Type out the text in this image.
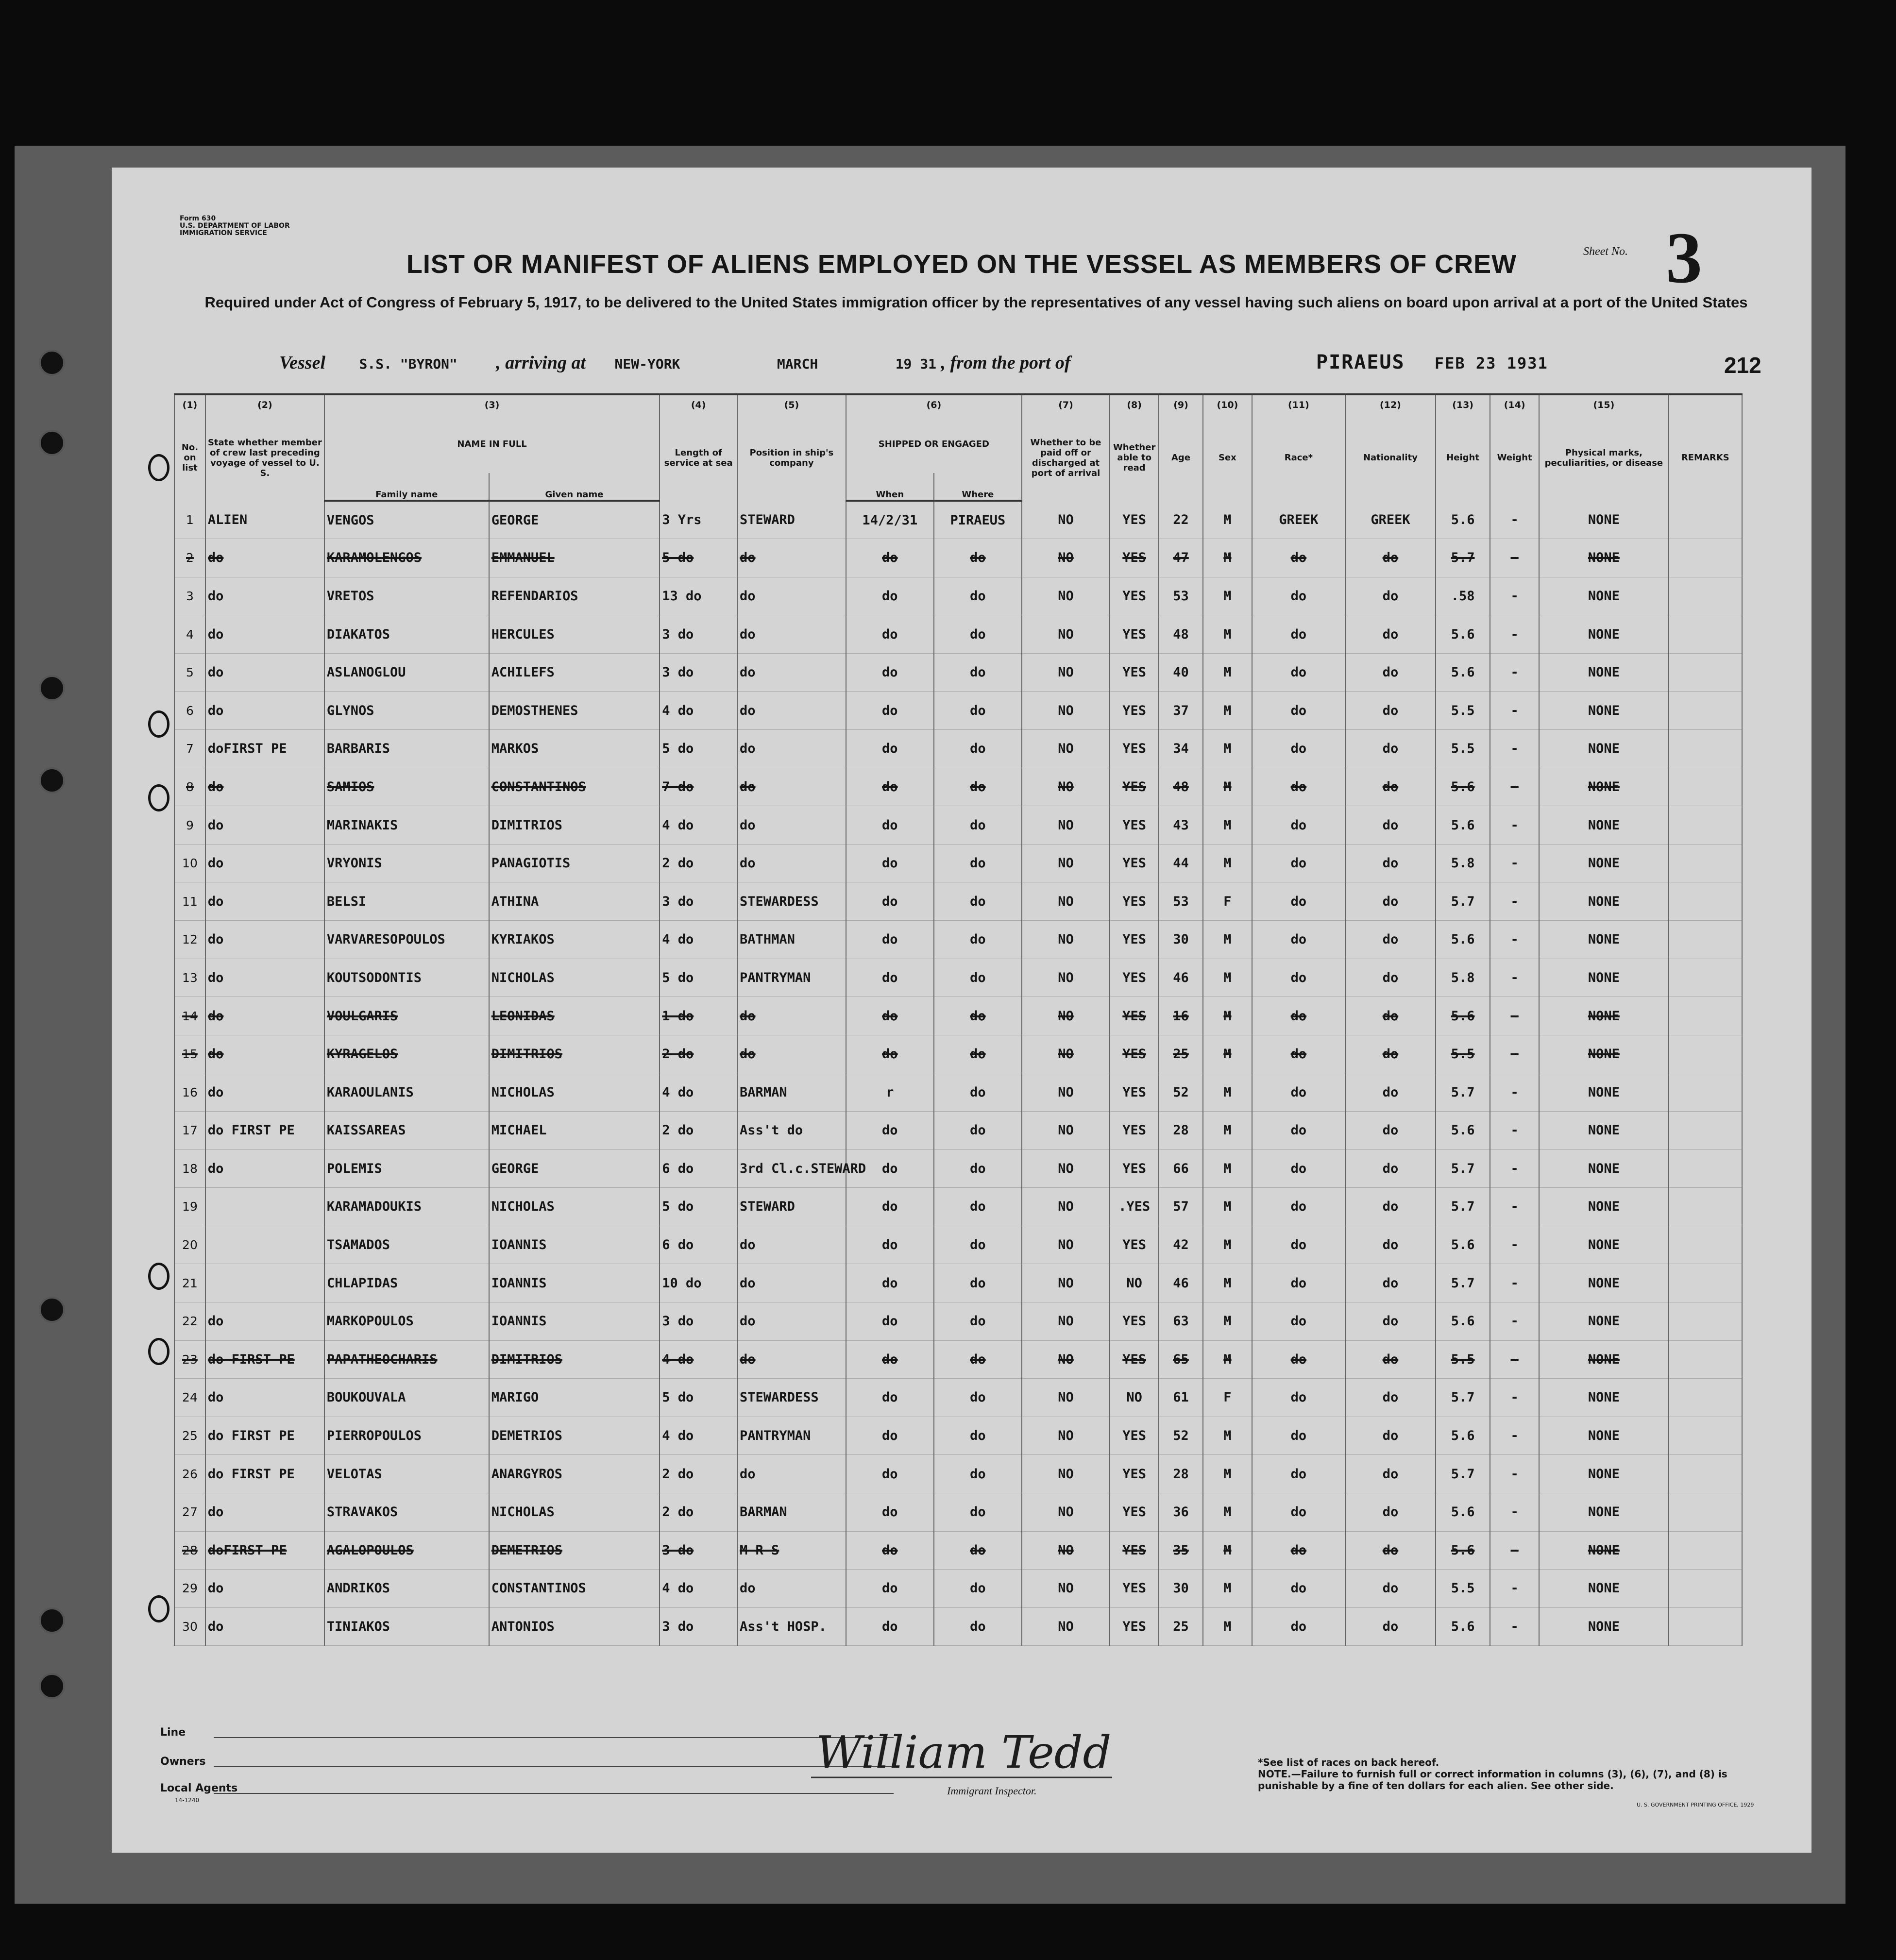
Form 630
U.S. DEPARTMENT OF LABOR
IMMIGRATION SERVICE
LIST OR MANIFEST OF ALIENS EMPLOYED ON THE VESSEL AS MEMBERS OF CREW	Sheet No. 3
Required under Act of Congress of February 5, 1917, to be delivered to the United States immigration officer by the representatives of any vessel having such aliens on board upon arrival at a port of the United States
Vessel S.S. "BYRON" , arriving at NEW-YORK	MARCH	19 31 , from the port of	PIRAEUS FEB 23 1931	212
(1)	(2)	(3)		(4)	(5)	(6)		(7)	(8)	(9)	(10)	(11)	(12)	(13)	(14)	(15)	
No. on list	State whether member of crew last preceding voyage of vessel to U. S.	NAME IN FULL		Length of service at sea	Position in ship's company	SHIPPED OR ENGAGED		Whether to be paid off or discharged at port of arrival	Whether able to read	Age	Sex	Race*	Nationality	Height	Weight	Physical marks, peculiarities, or disease	REMARKS
		Family name	Given name			When	Where										
1	ALIEN	VENGOS	GEORGE	3 Yrs	STEWARD	14/2/31	PIRAEUS	NO	YES	22	M	GREEK	GREEK	5.6	-	NONE	
2	do	KARAMOLENGOS	EMMANUEL	5 do	do	do	do	NO	YES	47	M	do	do	5.7	-	NONE	
3	do	VRETOS	REFENDARIOS	13 do	do	do	do	NO	YES	53	M	do	do	.58	-	NONE	
4	do	DIAKATOS	HERCULES	3 do	do	do	do	NO	YES	48	M	do	do	5.6	-	NONE	
5	do	ASLANOGLOU	ACHILEFS	3 do	do	do	do	NO	YES	40	M	do	do	5.6	-	NONE	
6	do	GLYNOS	DEMOSTHENES	4 do	do	do	do	NO	YES	37	M	do	do	5.5	-	NONE	
7	doFIRST PE	BARBARIS	MARKOS	5 do	do	do	do	NO	YES	34	M	do	do	5.5	-	NONE	
8	do	SAMIOS	CONSTANTINOS	7 do	do	do	do	NO	YES	48	M	do	do	5.6	-	NONE	
9	do	MARINAKIS	DIMITRIOS	4 do	do	do	do	NO	YES	43	M	do	do	5.6	-	NONE	
10	do	VRYONIS	PANAGIOTIS	2 do	do	do	do	NO	YES	44	M	do	do	5.8	-	NONE	
11	do	BELSI	ATHINA	3 do	STEWARDESS	do	do	NO	YES	53	F	do	do	5.7	-	NONE	
12	do	VARVARESOPOULOS	KYRIAKOS	4 do	BATHMAN	do	do	NO	YES	30	M	do	do	5.6	-	NONE	
13	do	KOUTSODONTIS	NICHOLAS	5 do	PANTRYMAN	do	do	NO	YES	46	M	do	do	5.8	-	NONE	
14	do	VOULGARIS	LEONIDAS	1 do	do	do	do	NO	YES	16	M	do	do	5.6	-	NONE	
15	do	KYRAGELOS	DIMITRIOS	2 do	do	do	do	NO	YES	25	M	do	do	5.5	-	NONE	
16	do	KARAOULANIS	NICHOLAS	4 do	BARMAN	r	do	NO	YES	52	M	do	do	5.7	-	NONE	
17	do FIRST PE	KAISSAREAS	MICHAEL	2 do	Ass't do	do	do	NO	YES	28	M	do	do	5.6	-	NONE	
18	do	POLEMIS	GEORGE	6 do	3rd Cl.c.STEWARD	do	do	NO	YES	66	M	do	do	5.7	-	NONE	
19		KARAMADOUKIS	NICHOLAS	5 do	STEWARD	do	do	NO	.YES	57	M	do	do	5.7	-	NONE	
20		TSAMADOS	IOANNIS	6 do	do	do	do	NO	YES	42	M	do	do	5.6	-	NONE	
21		CHLAPIDAS	IOANNIS	10 do	do	do	do	NO	NO	46	M	do	do	5.7	-	NONE	
22	do	MARKOPOULOS	IOANNIS	3 do	do	do	do	NO	YES	63	M	do	do	5.6	-	NONE	
23	do FIRST PE	PAPATHEOCHARIS	DIMITRIOS	4 do	do	do	do	NO	YES	65	M	do	do	5.5	-	NONE	
24	do	BOUKOUVALA	MARIGO	5 do	STEWARDESS	do	do	NO	NO	61	F	do	do	5.7	-	NONE	
25	do FIRST PE	PIERROPOULOS	DEMETRIOS	4 do	PANTRYMAN	do	do	NO	YES	52	M	do	do	5.6	-	NONE	
26	do FIRST PE	VELOTAS	ANARGYROS	2 do	do	do	do	NO	YES	28	M	do	do	5.7	-	NONE	
27	do	STRAVAKOS	NICHOLAS	2 do	BARMAN	do	do	NO	YES	36	M	do	do	5.6	-	NONE	
28	doFIRST PE	AGALOPOULOS	DEMETRIOS	3 do	M R S	do	do	NO	YES	35	M	do	do	5.6	-	NONE	
29	do	ANDRIKOS	CONSTANTINOS	4 do	do	do	do	NO	YES	30	M	do	do	5.5	-	NONE	
30	do	TINIAKOS	ANTONIOS	3 do	Ass't HOSP.	do	do	NO	YES	25	M	do	do	5.6	-	NONE	
Line
Owners
Local Agents
14-1240
William Tedd
Immigrant Inspector.
*See list of races on back hereof.
NOTE.—Failure to furnish full or correct information in columns (3), (6), (7), and (8) is punishable by a fine of ten dollars for each alien. See other side.
U. S. GOVERNMENT PRINTING OFFICE, 1929
